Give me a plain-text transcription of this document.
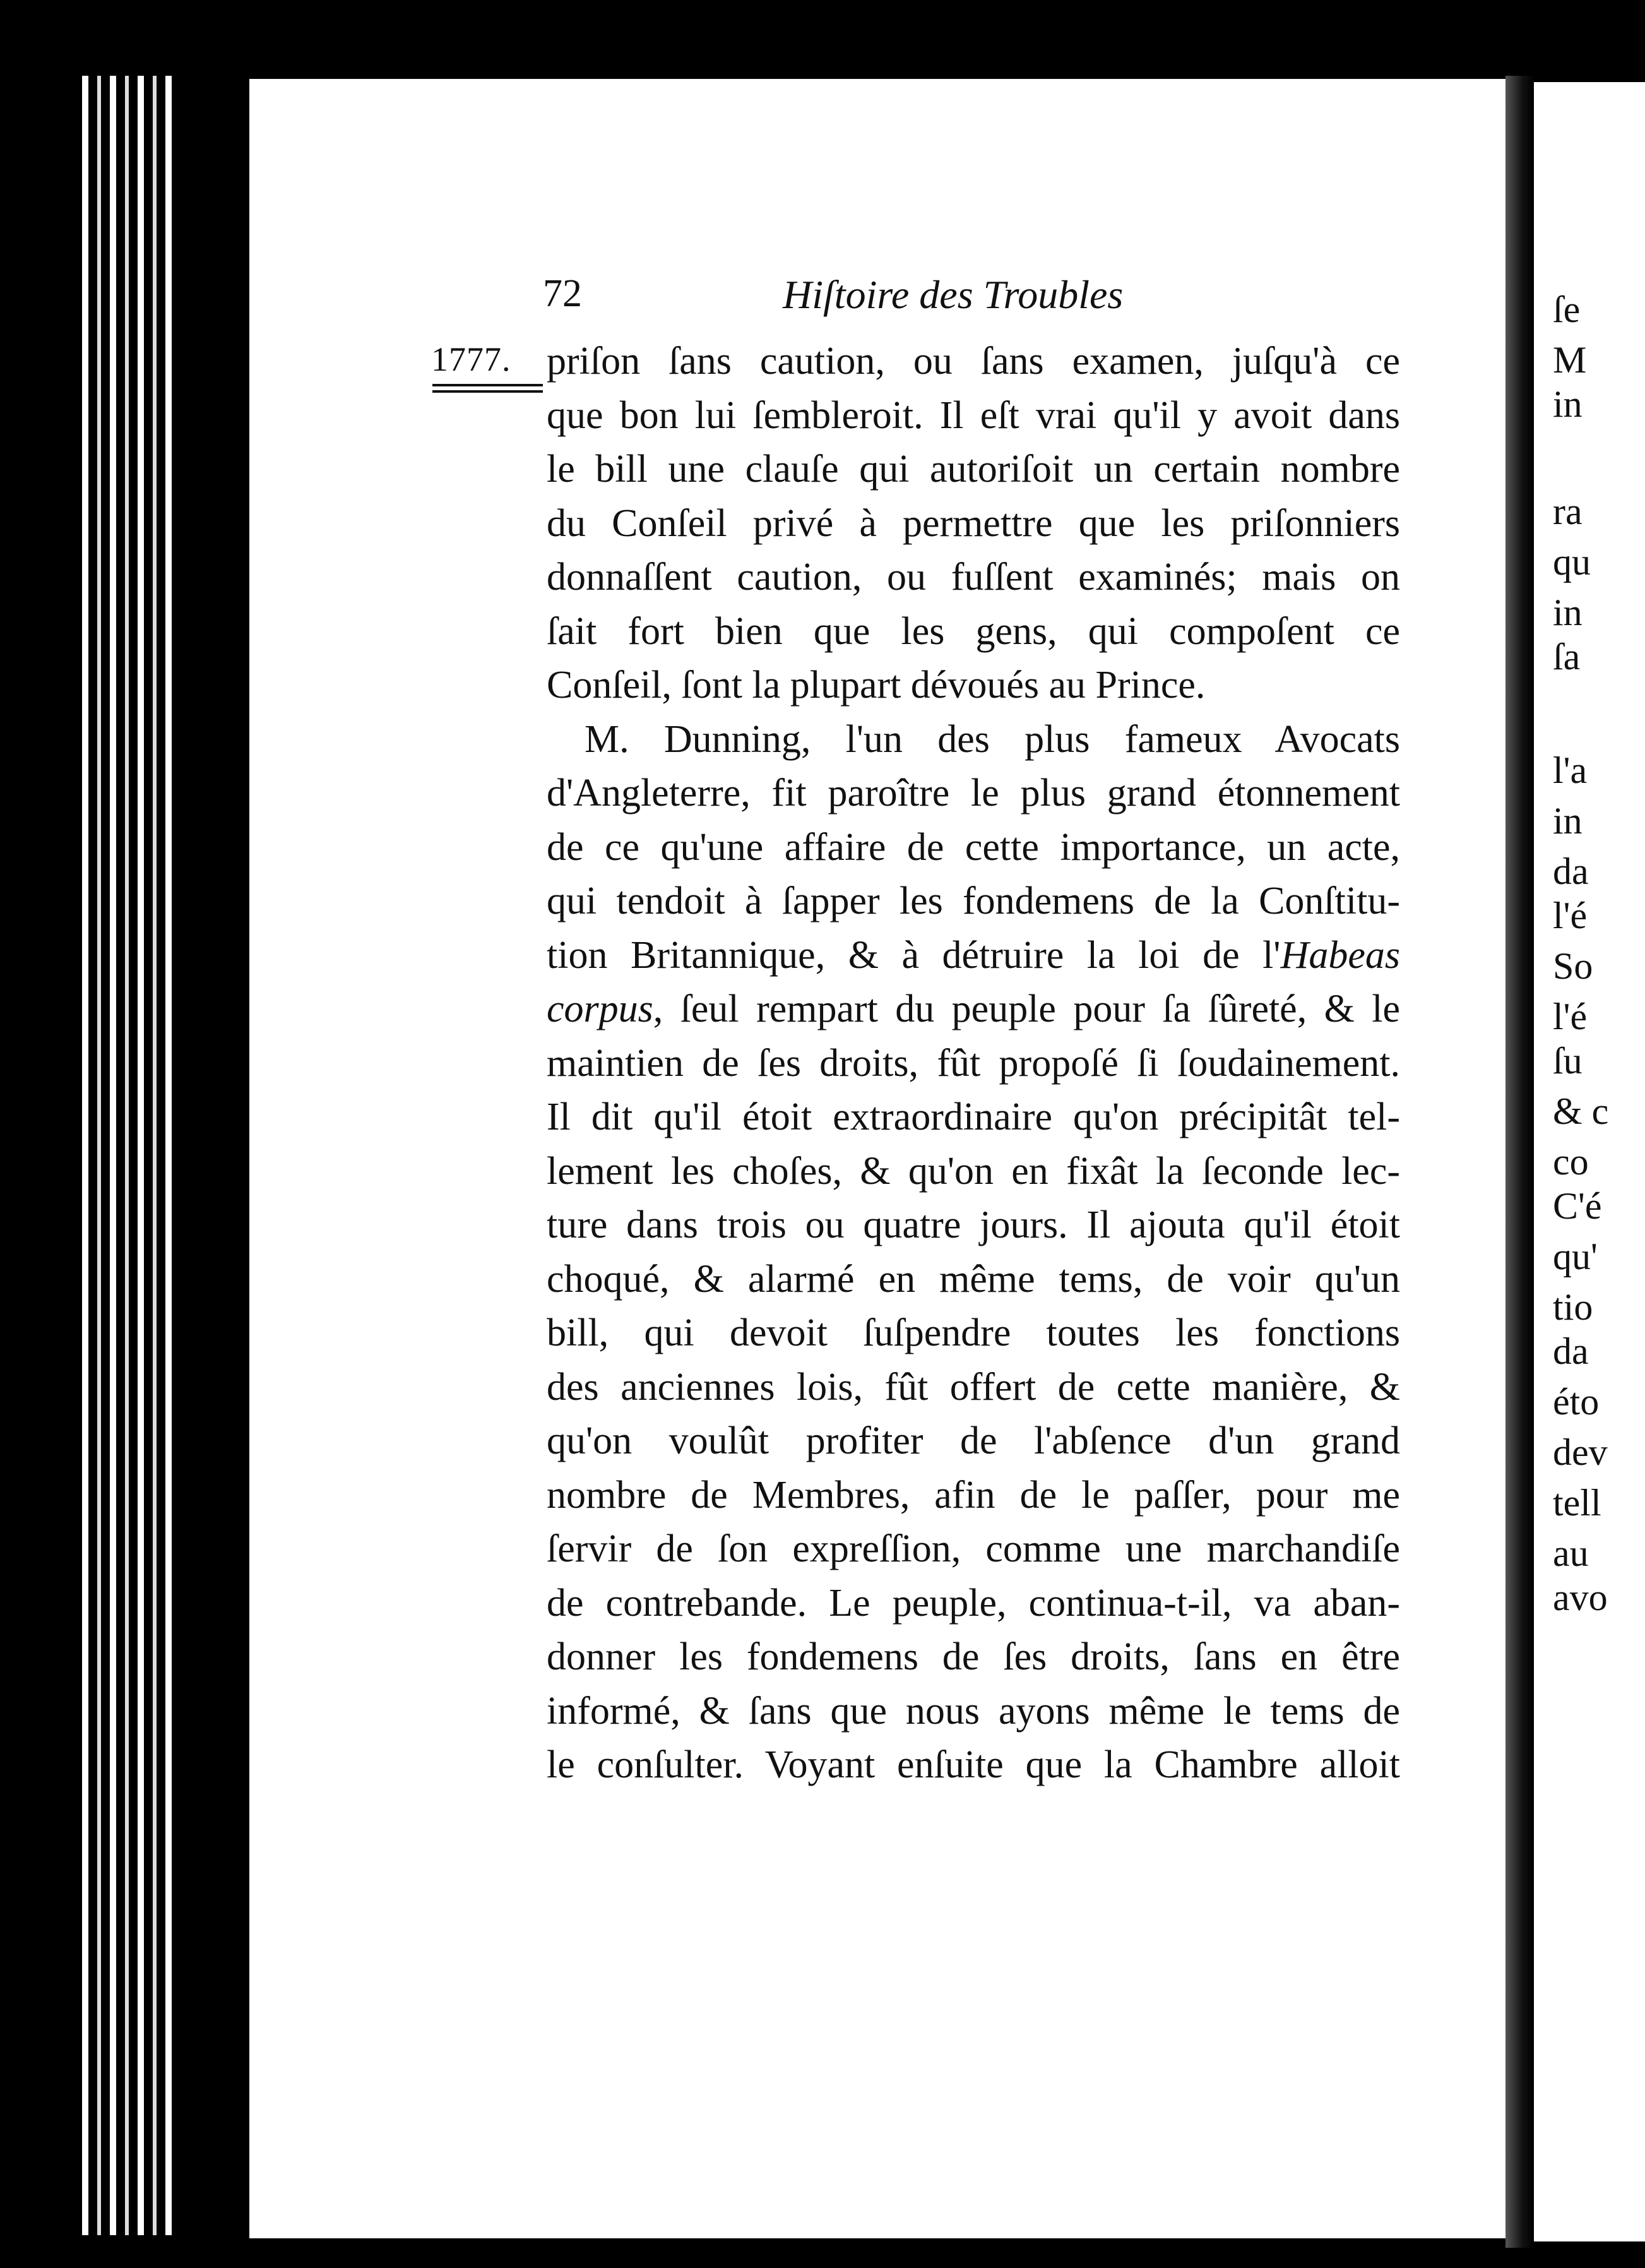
ſe
M
in
ra
qu
in
ſa
l'a
in
da
l'é
So
l'é
ſu
& c
co
C'é
qu'
tio
da
éto
dev
tell
au
avo
72	Hiſtoire des Troubles
1777. priſon ſans caution, ou ſans examen, juſqu'à ce
que bon lui ſembleroit. Il eſt vrai qu'il y avoit dans
le bill une clauſe qui autoriſoit un certain nombre
du Conſeil privé à permettre que les priſonniers
donnaſſent caution, ou fuſſent examinés; mais on
ſait fort bien que les gens, qui compoſent ce
Conſeil, ſont la plupart dévoués au Prince.
M. Dunning, l'un des plus fameux Avocats
d'Angleterre, fit paroître le plus grand étonnement
de ce qu'une affaire de cette importance, un acte,
qui tendoit à ſapper les fondemens de la Conſtitu-
tion Britannique, & à détruire la loi de l'Habeas
corpus, ſeul rempart du peuple pour ſa ſûreté, & le
maintien de ſes droits, fût propoſé ſi ſoudainement.
Il dit qu'il étoit extraordinaire qu'on précipitât tel-
lement les choſes, & qu'on en fixât la ſeconde lec-
ture dans trois ou quatre jours. Il ajouta qu'il étoit
choqué, & alarmé en même tems, de voir qu'un
bill, qui devoit ſuſpendre toutes les fonctions
des anciennes lois, fût offert de cette manière, &
qu'on voulût profiter de l'abſence d'un grand
nombre de Membres, afin de le paſſer, pour me
ſervir de ſon expreſſion, comme une marchandiſe
de contrebande. Le peuple, continua-t-il, va aban-
donner les fondemens de ſes droits, ſans en être
informé, & ſans que nous ayons même le tems de
le conſulter. Voyant enſuite que la Chambre alloit
